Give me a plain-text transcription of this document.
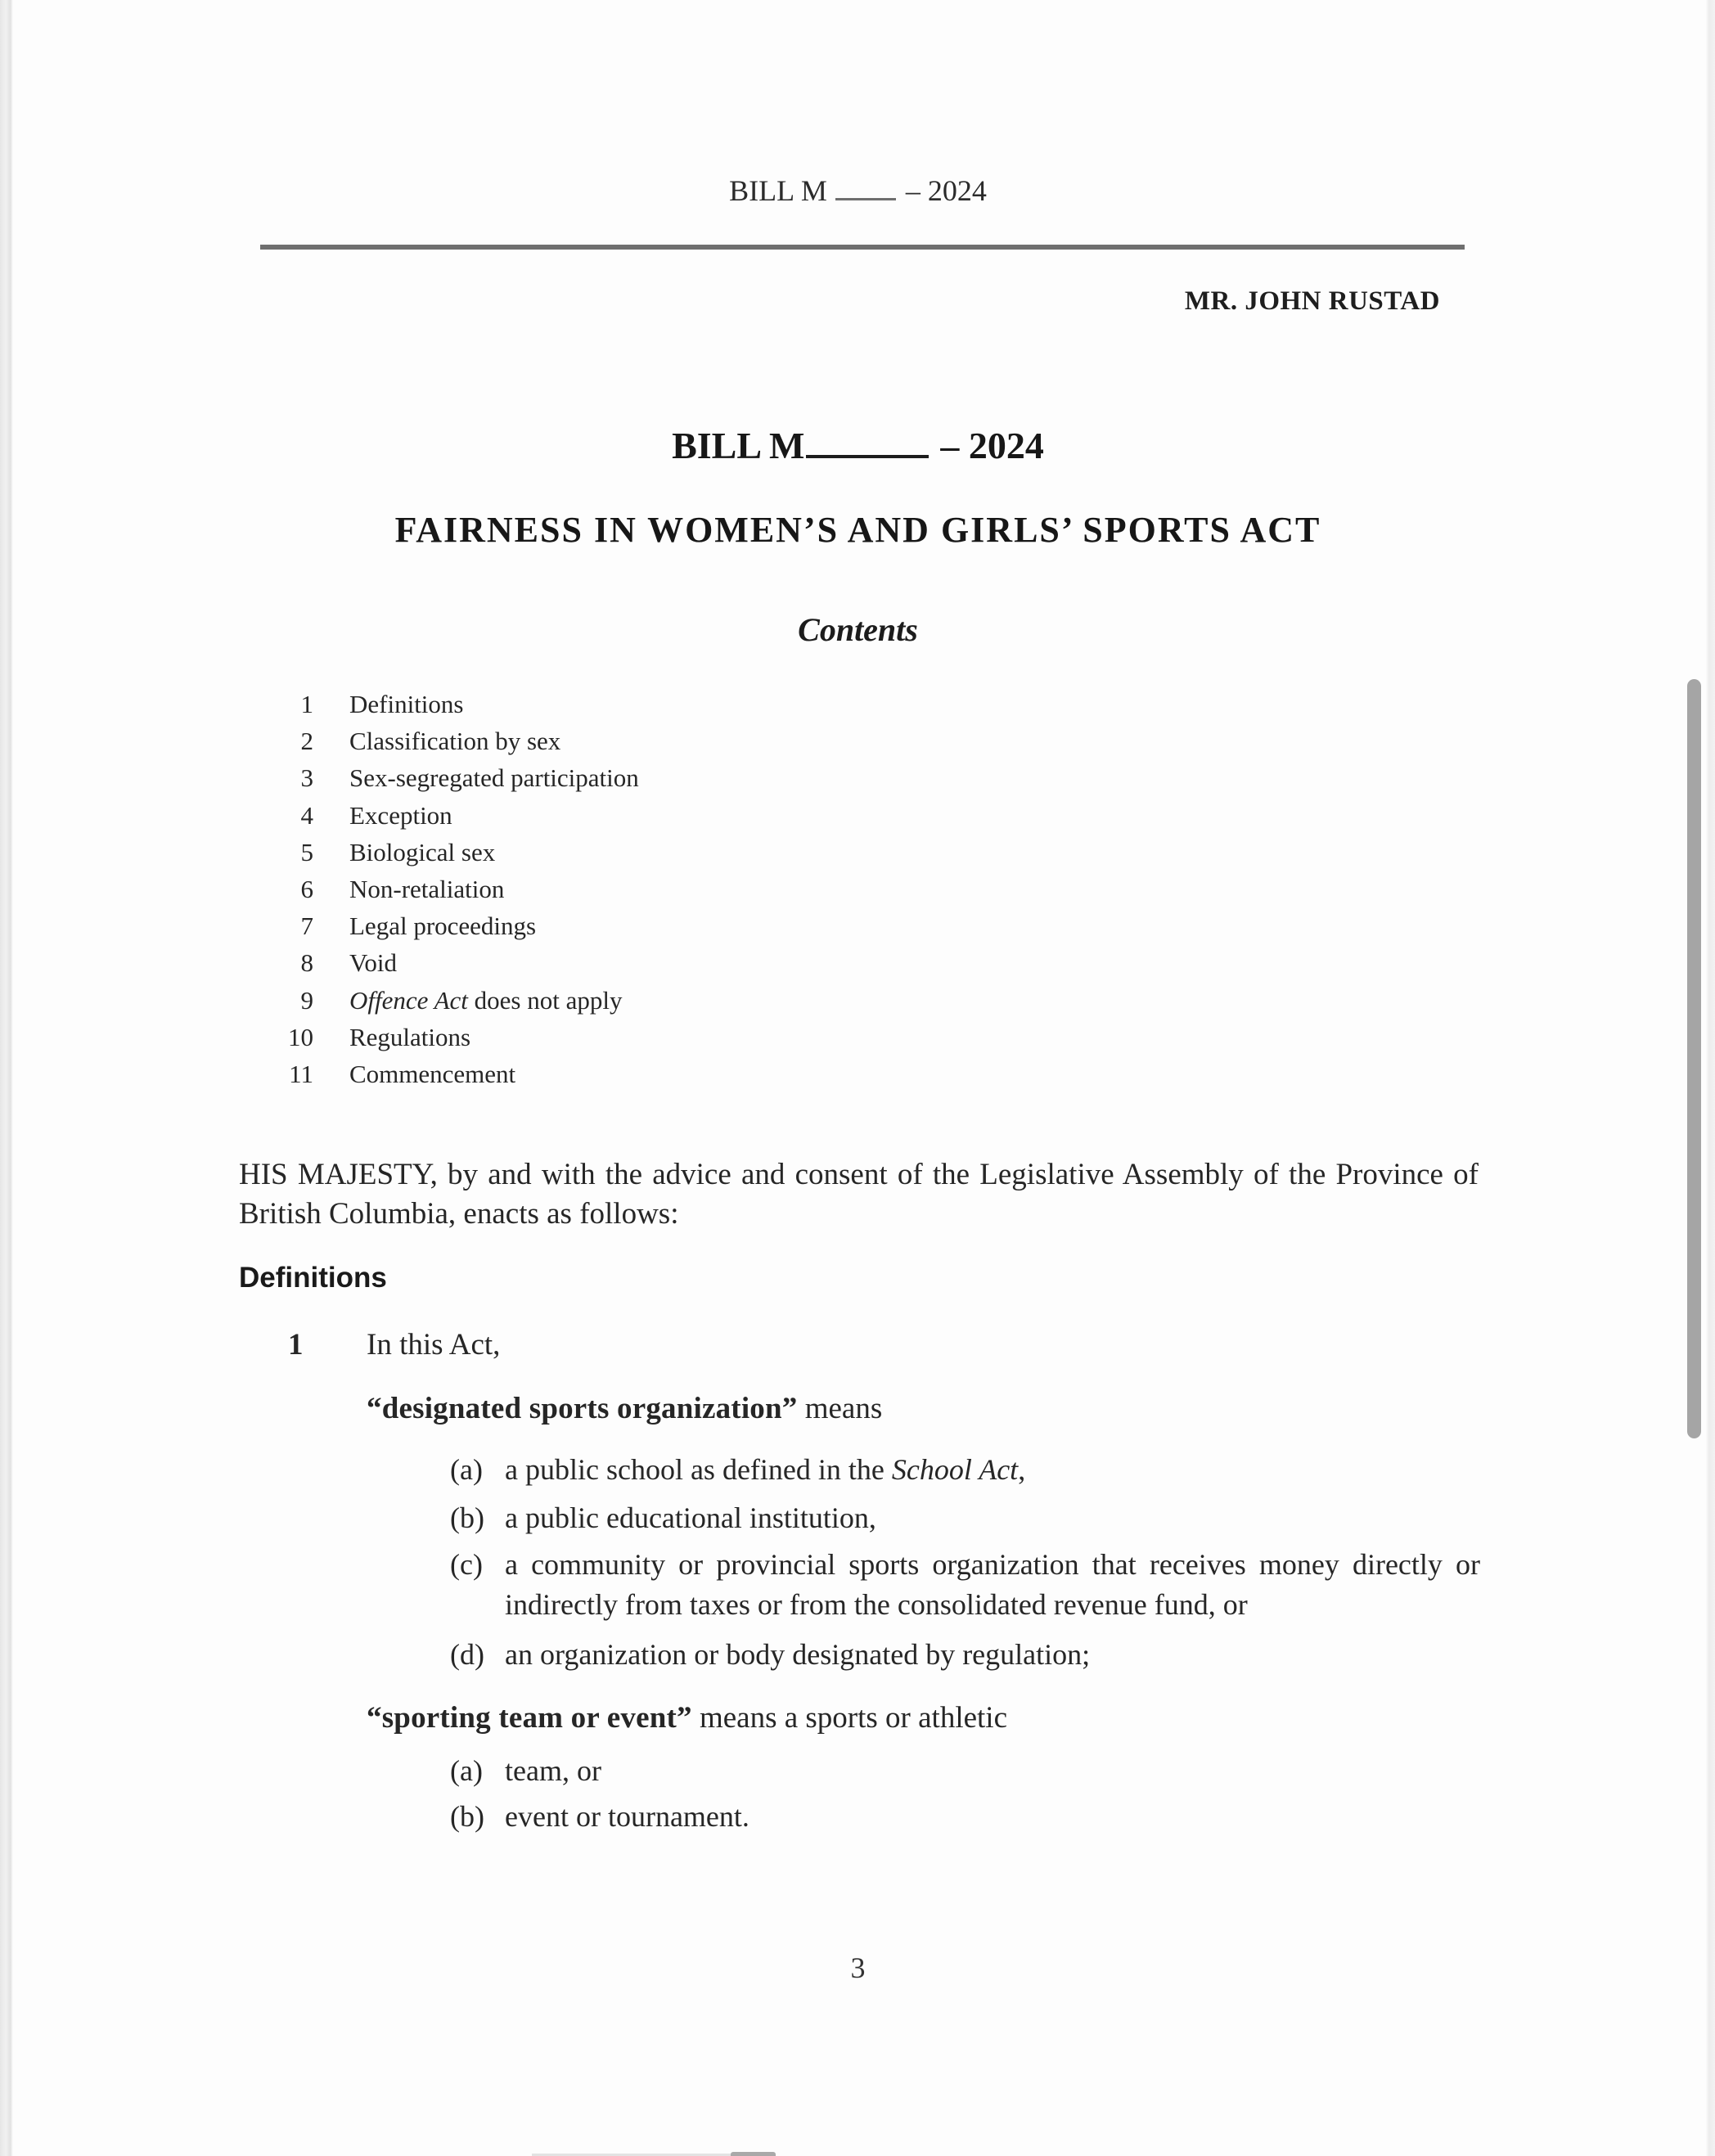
BILL M	– 2024
MR. JOHN RUSTAD
BILL M	– 2024
FAIRNESS IN WOMEN’S AND GIRLS’ SPORTS ACT
Contents
1 Definitions
2 Classification by sex
3 Sex-segregated participation
4 Exception
5 Biological sex
6 Non-retaliation
7 Legal proceedings
8 Void
9 Offence Act does not apply
10 Regulations
11 Commencement
HIS MAJESTY, by and with the advice and consent of the Legislative Assembly of the Province of British Columbia, enacts as follows:
Definitions
1 In this Act,
“designated sports organization” means
(a) a public school as defined in the School Act,
(b) a public educational institution,
(c) a community or provincial sports organization that receives money directly or indirectly from taxes or from the consolidated revenue fund, or
(d) an organization or body designated by regulation;
“sporting team or event” means a sports or athletic
(a) team, or
(b) event or tournament.
3
